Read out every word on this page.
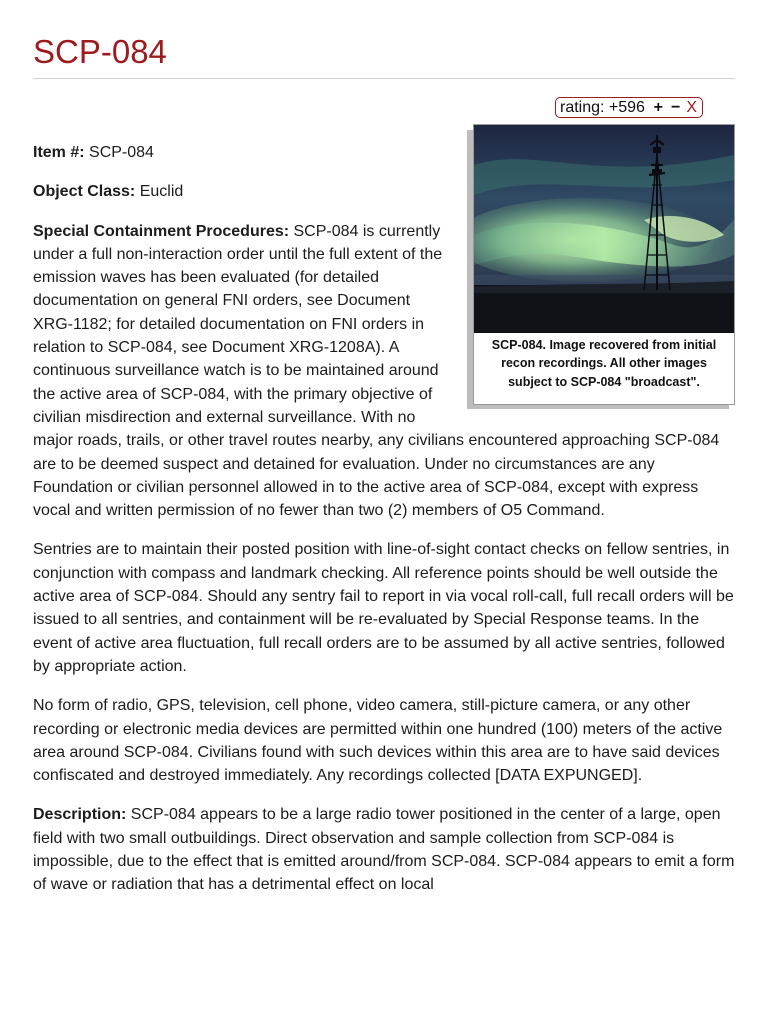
SCP-084
rating: +596 + − X
SCP-084. Image recovered from initial recon recordings. All other images subject to SCP-084 "broadcast".

Item #: SCP-084

Object Class: Euclid

Special Containment Procedures: SCP-084 is currently under a full non-interaction order until the full extent of the emission waves has been evaluated (for detailed documentation on general FNI orders, see Document XRG-1182; for detailed documentation on FNI orders in relation to SCP-084, see Document XRG-1208A). A continuous surveillance watch is to be maintained around the active area of SCP-084, with the primary objective of civilian misdirection and external surveillance. With no major roads, trails, or other travel routes nearby, any civilians encountered approaching SCP-084 are to be deemed suspect and detained for evaluation. Under no circumstances are any Foundation or civilian personnel allowed in to the active area of SCP-084, except with express vocal and written permission of no fewer than two (2) members of O5 Command.

Sentries are to maintain their posted position with line-of-sight contact checks on fellow sentries, in conjunction with compass and landmark checking. All reference points should be well outside the active area of SCP-084. Should any sentry fail to report in via vocal roll-call, full recall orders will be issued to all sentries, and containment will be re-evaluated by Special Response teams. In the event of active area fluctuation, full recall orders are to be assumed by all active sentries, followed by appropriate action.

No form of radio, GPS, television, cell phone, video camera, still-picture camera, or any other recording or electronic media devices are permitted within one hundred (100) meters of the active area around SCP-084. Civilians found with such devices within this area are to have said devices confiscated and destroyed immediately. Any recordings collected [DATA EXPUNGED].

Description: SCP-084 appears to be a large radio tower positioned in the center of a large, open field with two small outbuildings. Direct observation and sample collection from SCP-084 is impossible, due to the effect that is emitted around/from SCP-084. SCP-084 appears to emit a form of wave or radiation that has a detrimental effect on local
